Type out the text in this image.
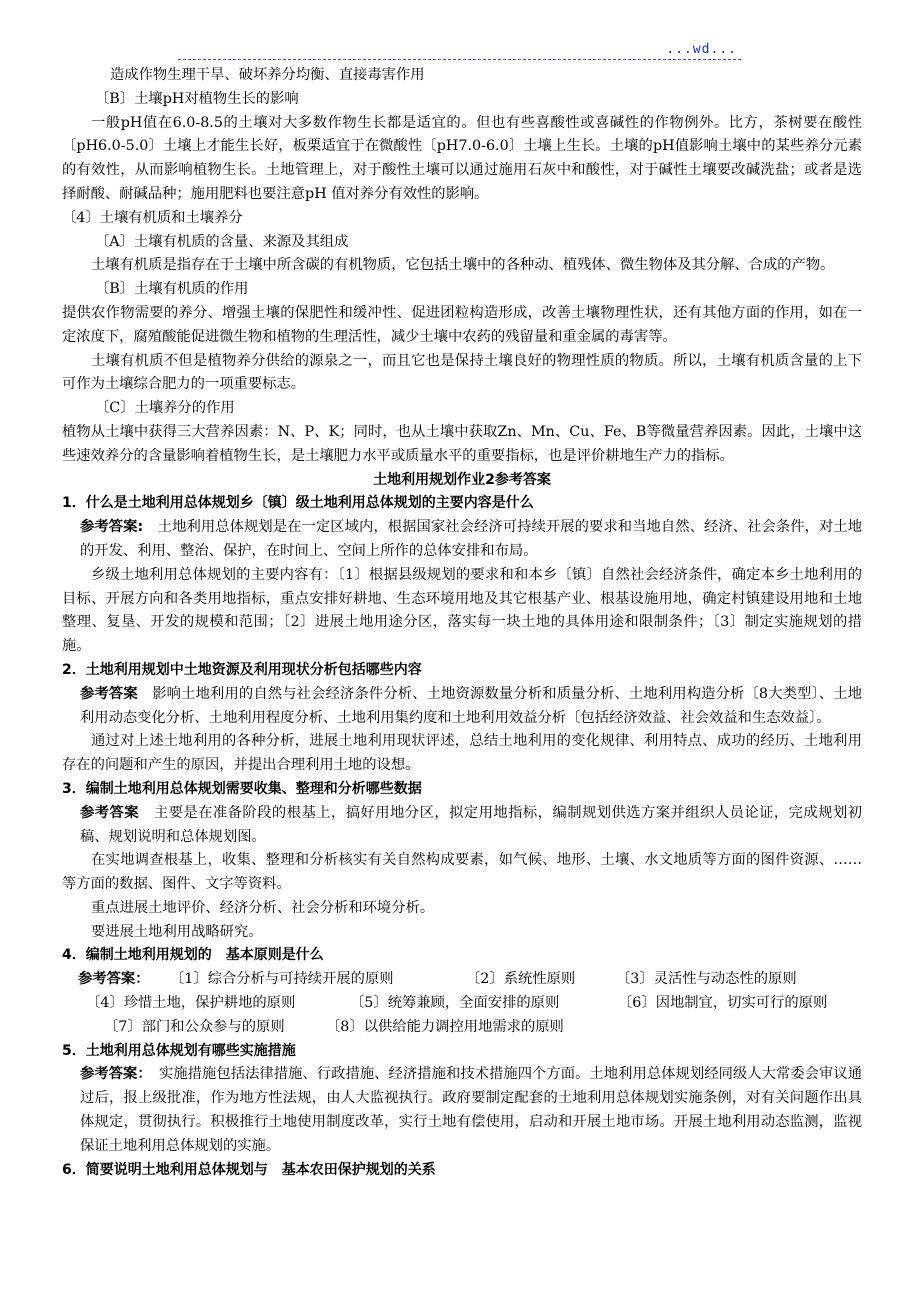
...wd...

造成作物生理干旱、破坏养分均衡、直接毒害作用

〔B〕土壤pH对植物生长的影响

一般pH值在6.0-8.5的土壤对大多数作物生长都是适宜的。但也有些喜酸性或喜碱性的作物例外。比方，茶树要在酸性〔pH6.0-5.0〕土壤上才能生长好，板栗适宜于在微酸性〔pH7.0-6.0〕土壤上生长。土壤的pH值影响土壤中的某些养分元素的有效性，从而影响植物生长。土地管理上，对于酸性土壤可以通过施用石灰中和酸性，对于碱性土壤要改碱洗盐；或者是选择耐酸、耐碱品种；施用肥料也要注意pH 值对养分有效性的影响。

〔4〕土壤有机质和土壤养分

〔A〕土壤有机质的含量、来源及其组成

土壤有机质是指存在于土壤中所含碳的有机物质，它包括土壤中的各种动、植残体、微生物体及其分解、合成的产物。

〔B〕土壤有机质的作用

提供农作物需要的养分、增强土壤的保肥性和缓冲性、促进团粒构造形成，改善土壤物理性状，还有其他方面的作用，如在一定浓度下，腐殖酸能促进微生物和植物的生理活性，减少土壤中农药的残留量和重金属的毒害等。

土壤有机质不但是植物养分供给的源泉之一，而且它也是保持土壤良好的物理性质的物质。所以，土壤有机质含量的上下可作为土壤综合肥力的一项重要标志。

〔C〕土壤养分的作用

植物从土壤中获得三大营养因素：N、P、K；同时，也从土壤中获取Zn、Mn、Cu、Fe、B等微量营养因素。因此，土壤中这些速效养分的含量影响着植物生长，是土壤肥力水平或质量水平的重要指标，也是评价耕地生产力的指标。

土地利用规划作业2参考答案

1．什么是土地利用总体规划乡〔镇〕级土地利用总体规划的主要内容是什么

参考答案:　 土地利用总体规划是在一定区域内，根据国家社会经济可持续开展的要求和当地自然、经济、社会条件，对土地的开发、利用、整治、保护，在时间上、空间上所作的总体安排和布局。

乡级土地利用总体规划的主要内容有：〔1〕根据县级规划的要求和和本乡〔镇〕自然社会经济条件，确定本乡土地利用的目标、开展方向和各类用地指标，重点安排好耕地、生态环境用地及其它根基产业、根基设施用地，确定村镇建设用地和土地整理、复垦、开发的规模和范围；〔2〕进展土地用途分区，落实每一块土地的具体用途和限制条件；〔3〕制定实施规划的措施。

2．土地利用规划中土地资源及利用现状分析包括哪些内容

参考答案　 影响土地利用的自然与社会经济条件分析、土地资源数量分析和质量分析、土地利用构造分析〔8大类型〕、土地利用动态变化分析、土地利用程度分析、土地利用集约度和土地利用效益分析〔包括经济效益、社会效益和生态效益〕。

通过对上述土地利用的各种分析，进展土地利用现状评述，总结土地利用的变化规律、利用特点、成功的经历、土地利用存在的问题和产生的原因，并提出合理利用土地的设想。

3．编制土地利用总体规划需要收集、整理和分析哪些数据

参考答案　 主要是在准备阶段的根基上，搞好用地分区，拟定用地指标，编制规划供选方案并组织人员论证，完成规划初稿、规划说明和总体规划图。

在实地调查根基上，收集、整理和分析核实有关自然构成要素，如气候、地形、土壤、水文地质等方面的图件资源、……等方面的数据、图件、文字等资料。

重点进展土地评价、经济分析、社会分析和环境分析。

要进展土地利用战略研究。

4．编制土地利用规划的　基本原则是什么

参考答案：	〔1〕综合分析与可持续开展的原则	〔2〕系统性原则	〔3〕灵活性与动态性的原则
〔4〕珍惜土地，保护耕地的原则	〔5〕统筹兼顾，全面安排的原则	〔6〕因地制宜，切实可行的原则
〔7〕部门和公众参与的原则	〔8〕以供给能力调控用地需求的原则

5．土地利用总体规划有哪些实施措施

参考答案：　 实施措施包括法律措施、行政措施、经济措施和技术措施四个方面。土地利用总体规划经同级人大常委会审议通过后，报上级批准，作为地方性法规，由人大监视执行。政府要制定配套的土地利用总体规划实施条例，对有关问题作出具体规定，贯彻执行。积极推行土地使用制度改革，实行土地有偿使用，启动和开展土地市场。开展土地利用动态监测，监视保证土地利用总体规划的实施。

6．简要说明土地利用总体规划与　基本农田保护规划的关系
